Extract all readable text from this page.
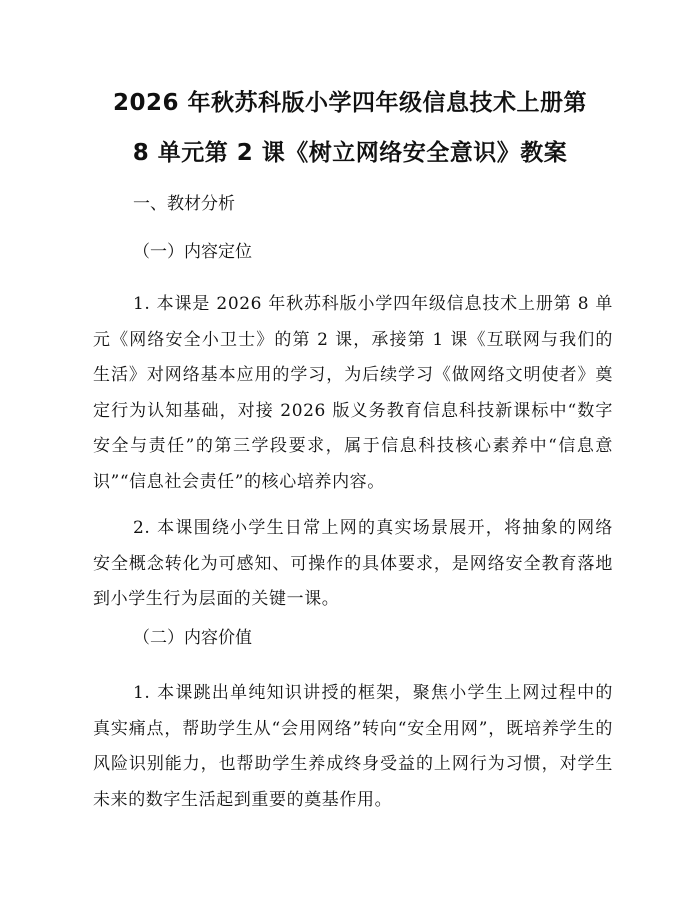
2026 年秋苏科版小学四年级信息技术上册第
8 单元第 2 课《树立网络安全意识》教案

一、教材分析

（一）内容定位

1. 本课是 2026 年秋苏科版小学四年级信息技术上册第 8 单元《网络安全小卫士》的第 2 课，承接第 1 课《互联网与我们的生活》对网络基本应用的学习，为后续学习《做网络文明使者》奠定行为认知基础，对接 2026 版义务教育信息科技新课标中“数字安全与责任”的第三学段要求，属于信息科技核心素养中“信息意识”“信息社会责任”的核心培养内容。

2. 本课围绕小学生日常上网的真实场景展开，将抽象的网络安全概念转化为可感知、可操作的具体要求，是网络安全教育落地到小学生行为层面的关键一课。

（二）内容价值

1. 本课跳出单纯知识讲授的框架，聚焦小学生上网过程中的真实痛点，帮助学生从“会用网络”转向“安全用网”，既培养学生的风险识别能力，也帮助学生养成终身受益的上网行为习惯，对学生未来的数字生活起到重要的奠基作用。
